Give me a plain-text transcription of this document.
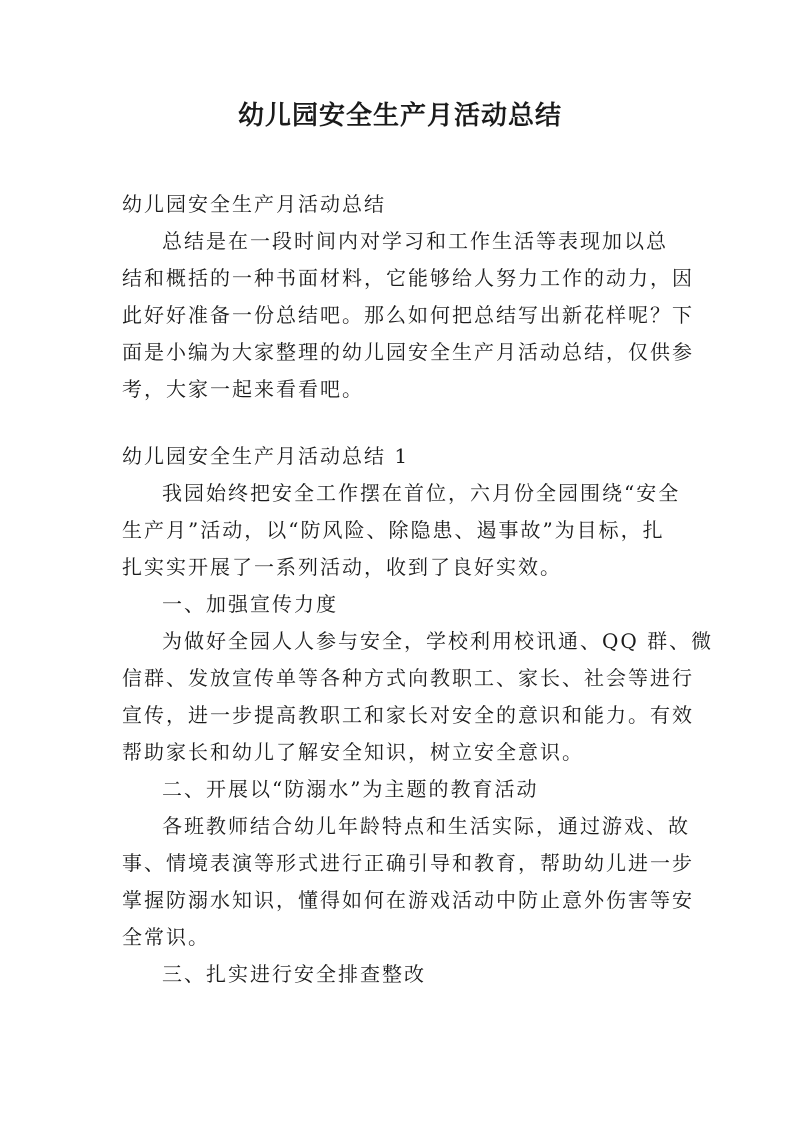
幼儿园安全生产月活动总结
幼儿园安全生产月活动总结
总结是在一段时间内对学习和工作生活等表现加以总
结和概括的一种书面材料，它能够给人努力工作的动力，因
此好好准备一份总结吧。那么如何把总结写出新花样呢？下
面是小编为大家整理的幼儿园安全生产月活动总结，仅供参
考，大家一起来看看吧。
幼儿园安全生产月活动总结 1
我园始终把安全工作摆在首位，六月份全园围绕“安全
生产月”活动，以“防风险、除隐患、遏事故”为目标，扎
扎实实开展了一系列活动，收到了良好实效。
一、加强宣传力度
为做好全园人人参与安全，学校利用校讯通、QQ 群、微
信群、发放宣传单等各种方式向教职工、家长、社会等进行
宣传，进一步提高教职工和家长对安全的意识和能力。有效
帮助家长和幼儿了解安全知识，树立安全意识。
二、开展以“防溺水”为主题的教育活动
各班教师结合幼儿年龄特点和生活实际，通过游戏、故
事、情境表演等形式进行正确引导和教育，帮助幼儿进一步
掌握防溺水知识，懂得如何在游戏活动中防止意外伤害等安
全常识。
三、扎实进行安全排查整改
